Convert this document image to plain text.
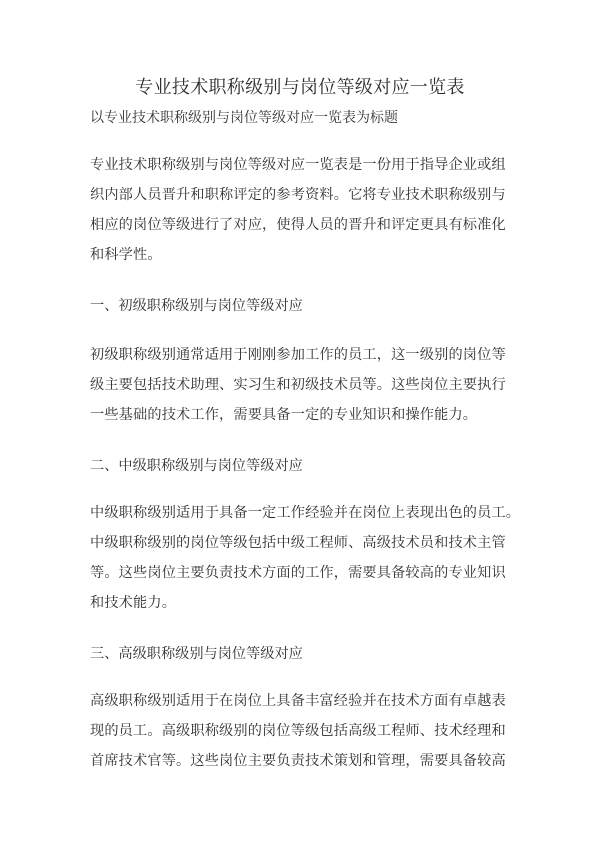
专业技术职称级别与岗位等级对应一览表
以专业技术职称级别与岗位等级对应一览表为标题
专业技术职称级别与岗位等级对应一览表是一份用于指导企业或组
织内部人员晋升和职称评定的参考资料。它将专业技术职称级别与
相应的岗位等级进行了对应，使得人员的晋升和评定更具有标准化
和科学性。
一、初级职称级别与岗位等级对应
初级职称级别通常适用于刚刚参加工作的员工，这一级别的岗位等
级主要包括技术助理、实习生和初级技术员等。这些岗位主要执行
一些基础的技术工作，需要具备一定的专业知识和操作能力。
二、中级职称级别与岗位等级对应
中级职称级别适用于具备一定工作经验并在岗位上表现出色的员工。
中级职称级别的岗位等级包括中级工程师、高级技术员和技术主管
等。这些岗位主要负责技术方面的工作，需要具备较高的专业知识
和技术能力。
三、高级职称级别与岗位等级对应
高级职称级别适用于在岗位上具备丰富经验并在技术方面有卓越表
现的员工。高级职称级别的岗位等级包括高级工程师、技术经理和
首席技术官等。这些岗位主要负责技术策划和管理，需要具备较高
